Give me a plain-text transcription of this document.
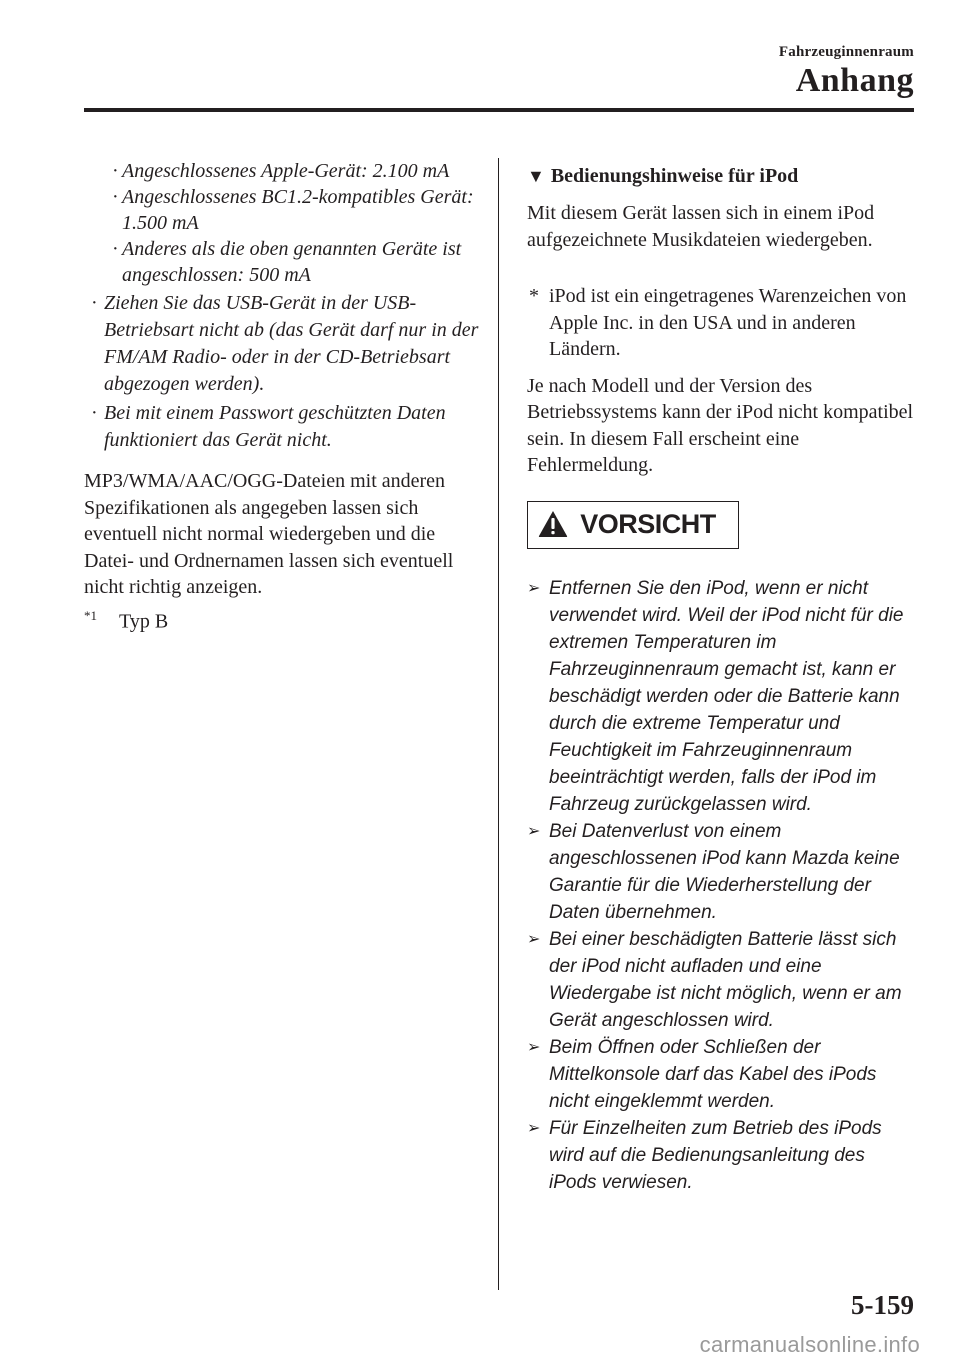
Fahrzeuginnenraum
Anhang
· Angeschlossenes Apple-Gerät: 2.100 mA
· Angeschlossenes BC1.2-kompatibles Gerät: 1.500 mA
· Anderes als die oben genannten Geräte ist angeschlossen: 500 mA
· Ziehen Sie das USB-Gerät in der USB-Betriebsart nicht ab (das Gerät darf nur in der FM/AM Radio- oder in der CD-Betriebsart abgezogen werden).
· Bei mit einem Passwort geschützten Daten funktioniert das Gerät nicht.

MP3/WMA/AAC/OGG-Dateien mit anderen Spezifikationen als angegeben lassen sich eventuell nicht normal wiedergeben und die Datei- und Ordnernamen lassen sich eventuell nicht richtig anzeigen.

$^{*1}$ Typ B
▼ Bedienungshinweise für iPod

Mit diesem Gerät lassen sich in einem iPod aufgezeichnete Musikdateien wiedergeben.

* iPod ist ein eingetragenes Warenzeichen von Apple Inc. in den USA und in anderen Ländern.

Je nach Modell und der Version des Betriebssystems kann der iPod nicht kompatibel sein. In diesem Fall erscheint eine Fehlermeldung.

VORSICHT
➢ Entfernen Sie den iPod, wenn er nicht verwendet wird. Weil der iPod nicht für die extremen Temperaturen im Fahrzeuginnenraum gemacht ist, kann er beschädigt werden oder die Batterie kann durch die extreme Temperatur und Feuchtigkeit im Fahrzeuginnenraum beeinträchtigt werden, falls der iPod im Fahrzeug zurückgelassen wird.
➢ Bei Datenverlust von einem angeschlossenen iPod kann Mazda keine Garantie für die Wiederherstellung der Daten übernehmen.
➢ Bei einer beschädigten Batterie lässt sich der iPod nicht aufladen und eine Wiedergabe ist nicht möglich, wenn er am Gerät angeschlossen wird.
➢ Beim Öffnen oder Schließen der Mittelkonsole darf das Kabel des iPods nicht eingeklemmt werden.
➢ Für Einzelheiten zum Betrieb des iPods wird auf die Bedienungsanleitung des iPods verwiesen.
5-159
carmanualsonline.info
